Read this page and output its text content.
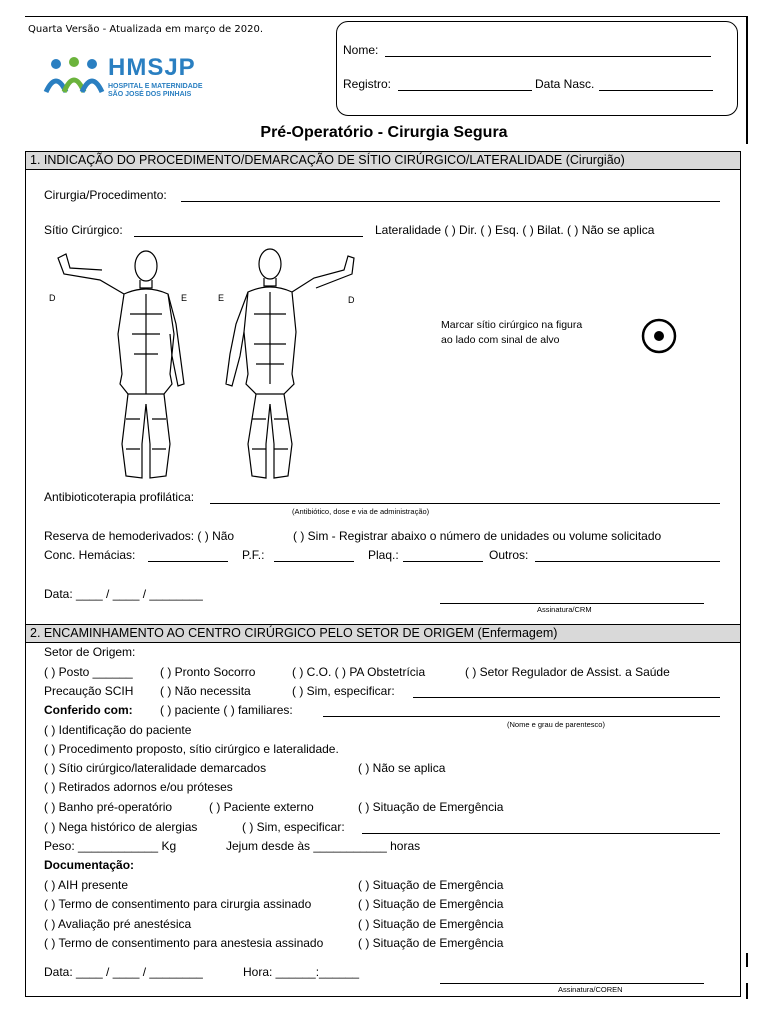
Quarta Versão - Atualizada em março de 2020.
HMSJP
HOSPITAL E MATERNIDADE
SÃO JOSÉ DOS PINHAIS
Nome:
Registro:	Data Nasc.
Pré-Operatório - Cirurgia Segura
1. INDICAÇÃO DO PROCEDIMENTO/DEMARCAÇÃO DE SÍTIO CIRÚRGICO/LATERALIDADE (Cirurgião)
Cirurgia/Procedimento:
Sítio Cirúrgico:	Lateralidade ( ) Dir. ( ) Esq. ( ) Bilat. ( ) Não se aplica
D	E	E	D
Marcar sítio cirúrgico na figura
ao lado com sinal de alvo
Antibioticoterapia profilática:
(Antibiótico, dose e via de administração)
Reserva de hemoderivados: ( ) Não	( ) Sim - Registrar abaixo o número de unidades ou volume solicitado
Conc. Hemácias:	P.F.:	Plaq.:	Outros:
Data: ____ / ____ / ________
Assinatura/CRM
2. ENCAMINHAMENTO AO CENTRO CIRÚRGICO PELO SETOR DE ORIGEM (Enfermagem)
Setor de Origem:
( ) Posto ______ ( ) Pronto Socorro	( ) C.O. ( ) PA Obstetrícia	( ) Setor Regulador de Assist. a Saúde
Precaução SCIH ( ) Não necessita	( ) Sim, especificar:
Conferido com: ( ) paciente ( ) familiares:
(Nome e grau de parentesco)
( ) Identificação do paciente
( ) Procedimento proposto, sítio cirúrgico e lateralidade.
( ) Sítio cirúrgico/lateralidade demarcados	( ) Não se aplica
( ) Retirados adornos e/ou próteses
( ) Banho pré-operatório	( ) Paciente externo	( ) Situação de Emergência
( ) Nega histórico de alergias	( ) Sim, especificar:
Peso: ____________ Kg	Jejum desde às ___________ horas
Documentação:
( ) AIH presente	( ) Situação de Emergência
( ) Termo de consentimento para cirurgia assinado	( ) Situação de Emergência
( ) Avaliação pré anestésica	( ) Situação de Emergência
( ) Termo de consentimento para anestesia assinado	( ) Situação de Emergência
Data: ____ / ____ / ________	Hora: ______:______
Assinatura/COREN
